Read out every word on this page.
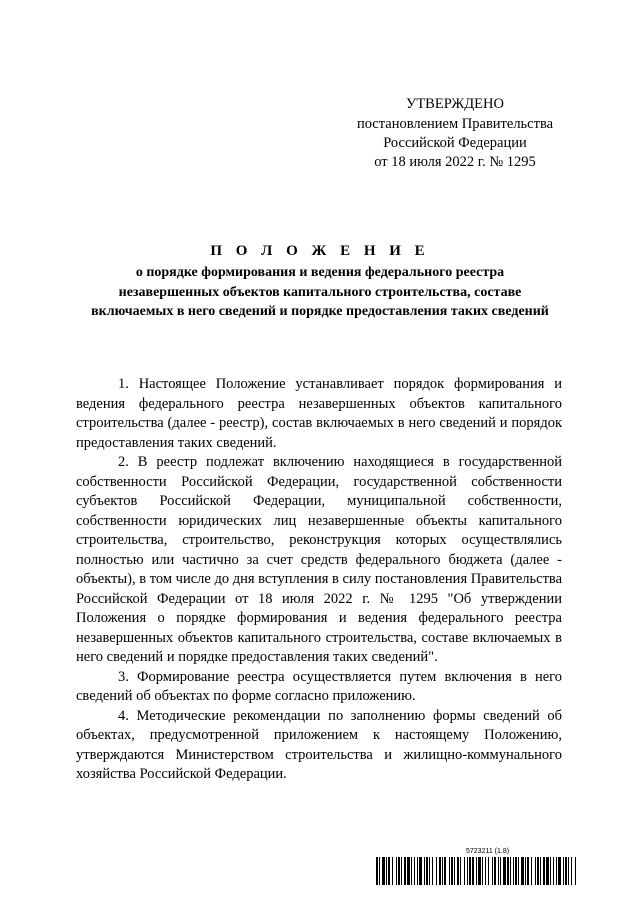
УТВЕРЖДЕНО
постановлением Правительства
Российской Федерации
от 18 июля 2022 г. № 1295
П О Л О Ж Е Н И Е
о порядке формирования и ведения федерального реестра незавершенных объектов капитального строительства, составе включаемых в него сведений и порядке предоставления таких сведений

1. Настоящее Положение устанавливает порядок формирования и ведения федерального реестра незавершенных объектов капитального строительства (далее - реестр), состав включаемых в него сведений и порядок предоставления таких сведений.

2. В реестр подлежат включению находящиеся в государственной собственности Российской Федерации, государственной собственности субъектов Российской Федерации, муниципальной собственности, собственности юридических лиц незавершенные объекты капитального строительства, строительство, реконструкция которых осуществлялись полностью или частично за счет средств федерального бюджета (далее - объекты), в том числе до дня вступления в силу постановления Правительства Российской Федерации от 18 июля 2022 г. № 1295 "Об утверждении Положения о порядке формирования и ведения федерального реестра незавершенных объектов капитального строительства, составе включаемых в него сведений и порядке предоставления таких сведений".

3. Формирование реестра осуществляется путем включения в него сведений об объектах по форме согласно приложению.

4. Методические рекомендации по заполнению формы сведений об объектах, предусмотренной приложением к настоящему Положению, утверждаются Министерством строительства и жилищно-коммунального хозяйства Российской Федерации.

5723211 (1.8)
